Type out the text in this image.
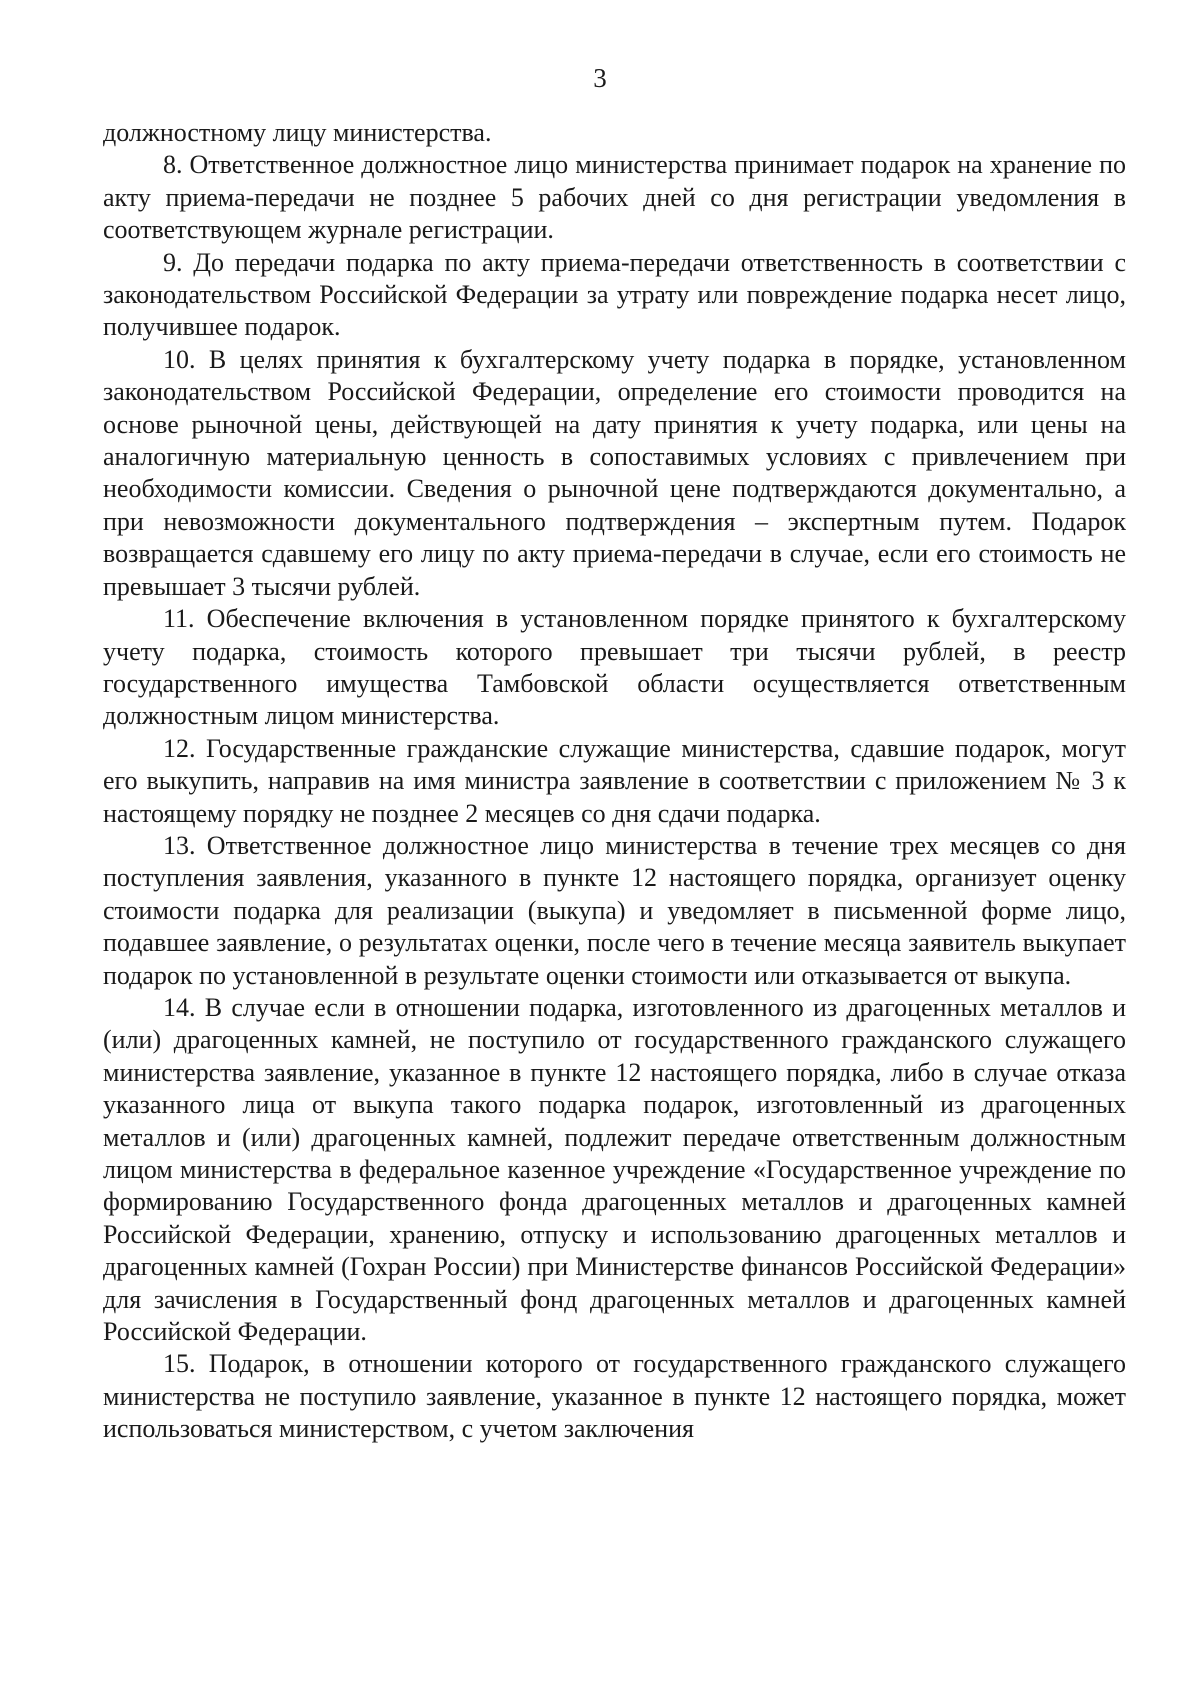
3

должностному лицу министерства.

8. Ответственное должностное лицо министерства принимает подарок на хранение по акту приема-передачи не позднее 5 рабочих дней со дня регистрации уведомления в соответствующем журнале регистрации.

9. До передачи подарка по акту приема-передачи ответственность в соответствии с законодательством Российской Федерации за утрату или повреждение подарка несет лицо, получившее подарок.

10. В целях принятия к бухгалтерскому учету подарка в порядке, установленном законодательством Российской Федерации, определение его стоимости проводится на основе рыночной цены, действующей на дату принятия к учету подарка, или цены на аналогичную материальную ценность в сопоставимых условиях с привлечением при необходимости комиссии. Сведения о рыночной цене подтверждаются документально, а при невозможности документального подтверждения – экспертным путем. Подарок возвращается сдавшему его лицу по акту приема-передачи в случае, если его стоимость не превышает 3 тысячи рублей.

11. Обеспечение включения в установленном порядке принятого к бухгалтерскому учету подарка, стоимость которого превышает три тысячи рублей, в реестр государственного имущества Тамбовской области осуществляется ответственным должностным лицом министерства.

12. Государственные гражданские служащие министерства, сдавшие подарок, могут его выкупить, направив на имя министра заявление в соответствии с приложением № 3 к настоящему порядку не позднее 2 месяцев со дня сдачи подарка.

13. Ответственное должностное лицо министерства в течение трех месяцев со дня поступления заявления, указанного в пункте 12 настоящего порядка, организует оценку стоимости подарка для реализации (выкупа) и уведомляет в письменной форме лицо, подавшее заявление, о результатах оценки, после чего в течение месяца заявитель выкупает подарок по установленной в результате оценки стоимости или отказывается от выкупа.

14. В случае если в отношении подарка, изготовленного из драгоценных металлов и (или) драгоценных камней, не поступило от государственного гражданского служащего министерства заявление, указанное в пункте 12 настоящего порядка, либо в случае отказа указанного лица от выкупа такого подарка подарок, изготовленный из драгоценных металлов и (или) драгоценных камней, подлежит передаче ответственным должностным лицом министерства в федеральное казенное учреждение «Государственное учреждение по формированию Государственного фонда драгоценных металлов и драгоценных камней Российской Федерации, хранению, отпуску и использованию драгоценных металлов и драгоценных камней (Гохран России) при Министерстве финансов Российской Федерации» для зачисления в Государственный фонд драгоценных металлов и драгоценных камней Российской Федерации.

15. Подарок, в отношении которого от государственного гражданского служащего министерства не поступило заявление, указанное в пункте 12 настоящего порядка, может использоваться министерством, с учетом заключения
